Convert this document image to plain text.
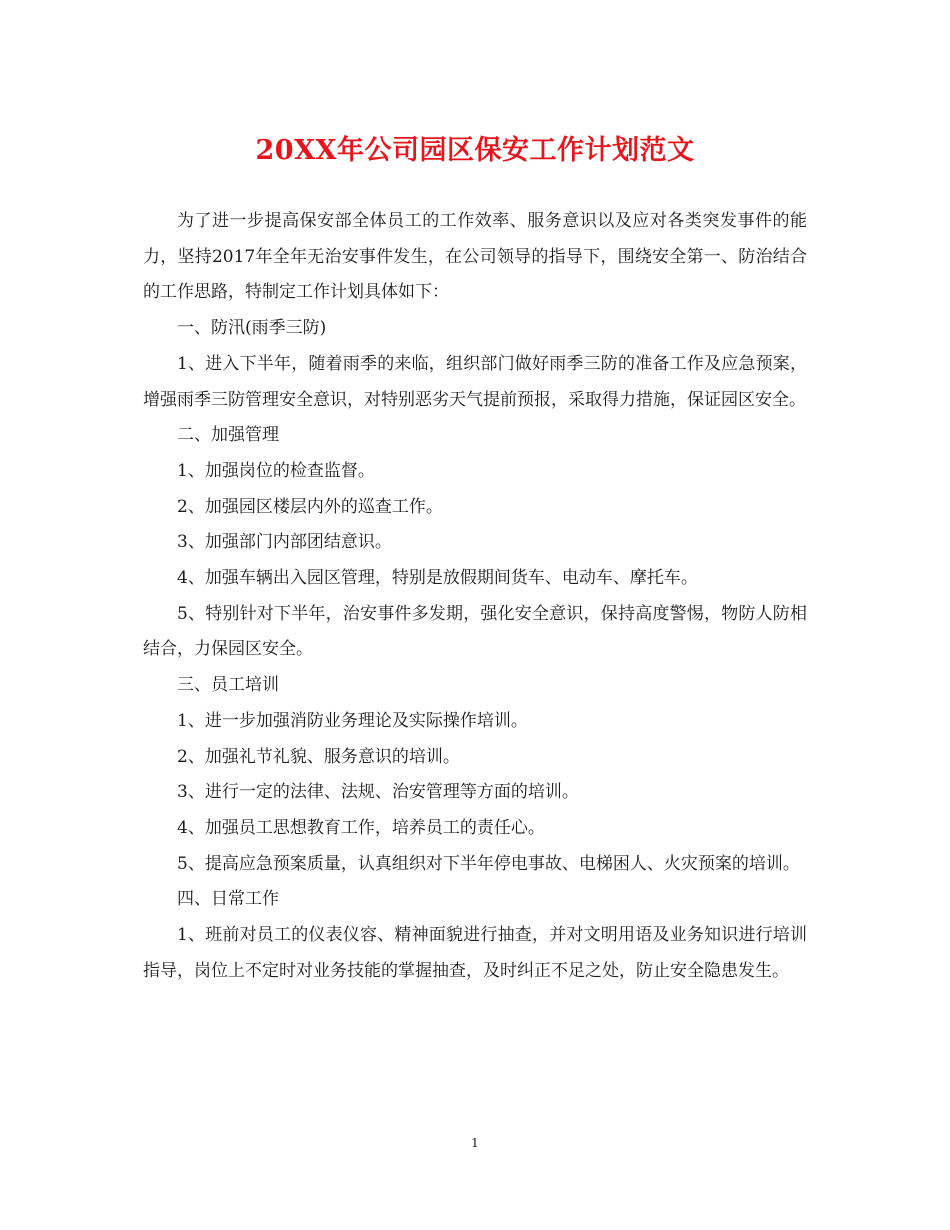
20XX年公司园区保安工作计划范文

为了进一步提高保安部全体员工的工作效率、服务意识以及应对各类突发事件的能力，坚持2017年全年无治安事件发生，在公司领导的指导下，围绕安全第一、防治结合的工作思路，特制定工作计划具体如下：

一、防汛(雨季三防)

1、进入下半年，随着雨季的来临，组织部门做好雨季三防的准备工作及应急预案，增强雨季三防管理安全意识，对特别恶劣天气提前预报，采取得力措施，保证园区安全。

二、加强管理

1、加强岗位的检查监督。

2、加强园区楼层内外的巡查工作。

3、加强部门内部团结意识。

4、加强车辆出入园区管理，特别是放假期间货车、电动车、摩托车。

5、特别针对下半年，治安事件多发期，强化安全意识，保持高度警惕，物防人防相结合，力保园区安全。

三、员工培训

1、进一步加强消防业务理论及实际操作培训。

2、加强礼节礼貌、服务意识的培训。

3、进行一定的法律、法规、治安管理等方面的培训。

4、加强员工思想教育工作，培养员工的责任心。

5、提高应急预案质量，认真组织对下半年停电事故、电梯困人、火灾预案的培训。

四、日常工作

1、班前对员工的仪表仪容、精神面貌进行抽查，并对文明用语及业务知识进行培训指导，岗位上不定时对业务技能的掌握抽查，及时纠正不足之处，防止安全隐患发生。

1
